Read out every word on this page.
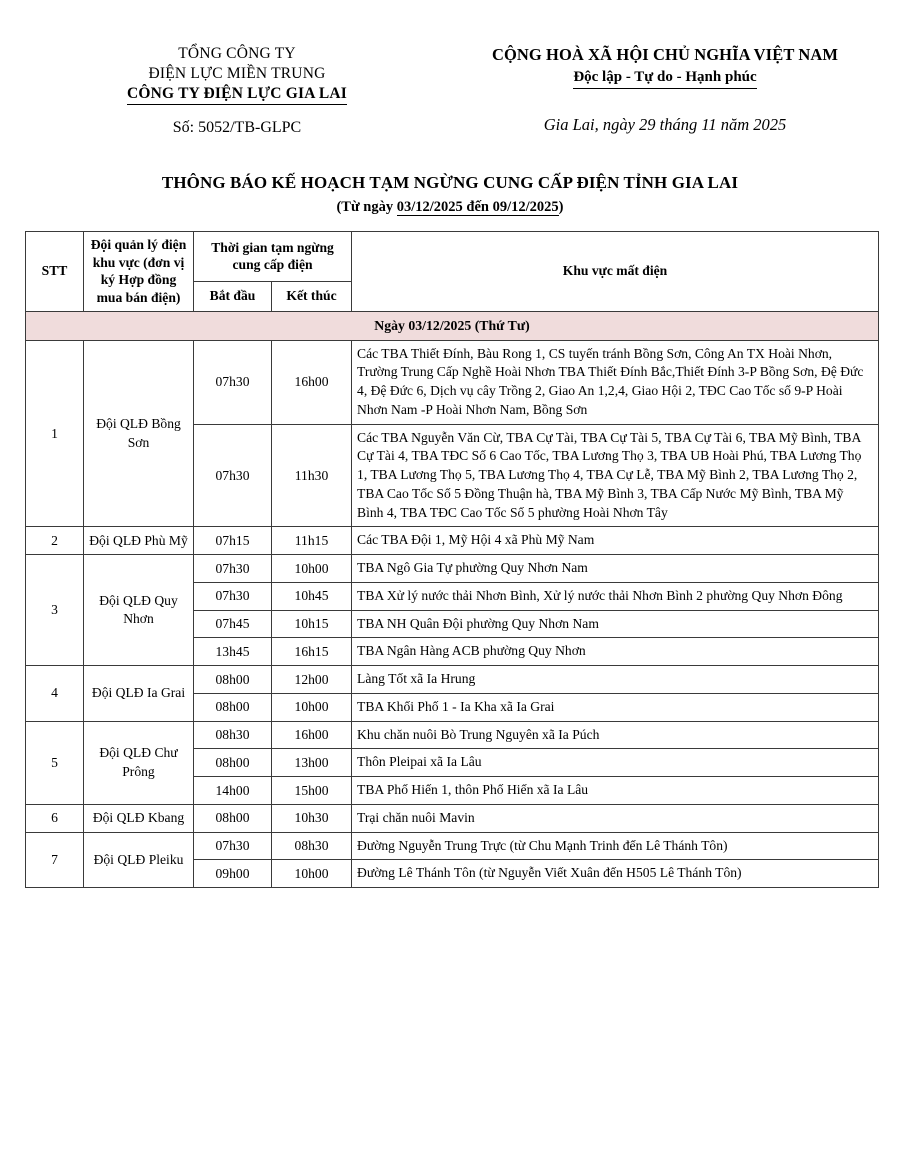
TỔNG CÔNG TY
ĐIỆN LỰC MIỀN TRUNG
CÔNG TY ĐIỆN LỰC GIA LAI
Số: 5052/TB-GLPC
CỘNG HOÀ XÃ HỘI CHỦ NGHĨA VIỆT NAM
Độc lập - Tự do - Hạnh phúc
Gia Lai, ngày 29 tháng 11 năm 2025
THÔNG BÁO KẾ HOẠCH TẠM NGỪNG CUNG CẤP ĐIỆN TỈNH GIA LAI
(Từ ngày 03/12/2025 đến 09/12/2025)
STT	Đội quản lý điện khu vực (đơn vị ký Hợp đồng mua bán điện)	Thời gian tạm ngừng cung cấp điện		Khu vực mất điện
		Bắt đầu	Kết thúc	
Ngày 03/12/2025 (Thứ Tư)				
1	Đội QLĐ Bồng Sơn	07h30	16h00	Các TBA Thiết Đính, Bàu Rong 1, CS tuyến tránh Bồng Sơn, Công An TX Hoài Nhơn, Trường Trung Cấp Nghề Hoài Nhơn TBA Thiết Đính Bắc,Thiết Đính 3-P Bồng Sơn, Đệ Đức 4, Đệ Đức 6, Dịch vụ cây Trồng 2, Giao An 1,2,4, Giao Hội 2, TĐC Cao Tốc số 9-P Hoài Nhơn Nam -P Hoài Nhơn Nam, Bồng Sơn
		07h30	11h30	Các TBA Nguyễn Văn Cừ, TBA Cự Tài, TBA Cự Tài 5, TBA Cự Tài 6, TBA Mỹ Bình, TBA Cự Tài 4, TBA TĐC Số 6 Cao Tốc, TBA Lương Thọ 3, TBA UB Hoài Phú, TBA Lương Thọ 1, TBA Lương Thọ 5, TBA Lương Thọ 4, TBA Cự Lễ, TBA Mỹ Bình 2, TBA Lương Thọ 2, TBA Cao Tốc Số 5 Đồng Thuận hà, TBA Mỹ Bình 3, TBA Cấp Nước Mỹ Bình, TBA Mỹ Bình 4, TBA TĐC Cao Tốc Số 5 phường Hoài Nhơn Tây
2	Đội QLĐ Phù Mỹ	07h15	11h15	Các TBA Đội 1, Mỹ Hội 4 xã Phù Mỹ Nam
3	Đội QLĐ Quy Nhơn	07h30	10h00	TBA Ngô Gia Tự phường Quy Nhơn Nam
		07h30	10h45	TBA Xử lý nước thải Nhơn Bình, Xử lý nước thải Nhơn Bình 2 phường Quy Nhơn Đông
		07h45	10h15	TBA NH Quân Đội phường Quy Nhơn Nam
		13h45	16h15	TBA Ngân Hàng ACB phường Quy Nhơn
4	Đội QLĐ Ia Grai	08h00	12h00	Làng Tốt xã Ia Hrung
		08h00	10h00	TBA Khối Phố 1 - Ia Kha xã Ia Grai
5	Đội QLĐ Chư Prông	08h30	16h00	Khu chăn nuôi Bò Trung Nguyên xã Ia Púch
		08h00	13h00	Thôn Pleipai xã Ia Lâu
		14h00	15h00	TBA Phố Hiến 1, thôn Phố Hiến xã Ia Lâu
6	Đội QLĐ Kbang	08h00	10h30	Trại chăn nuôi Mavin
7	Đội QLĐ Pleiku	07h30	08h30	Đường Nguyễn Trung Trực (từ Chu Mạnh Trinh đến Lê Thánh Tôn)
		09h00	10h00	Đường Lê Thánh Tôn (từ Nguyễn Viết Xuân đến H505 Lê Thánh Tôn)
